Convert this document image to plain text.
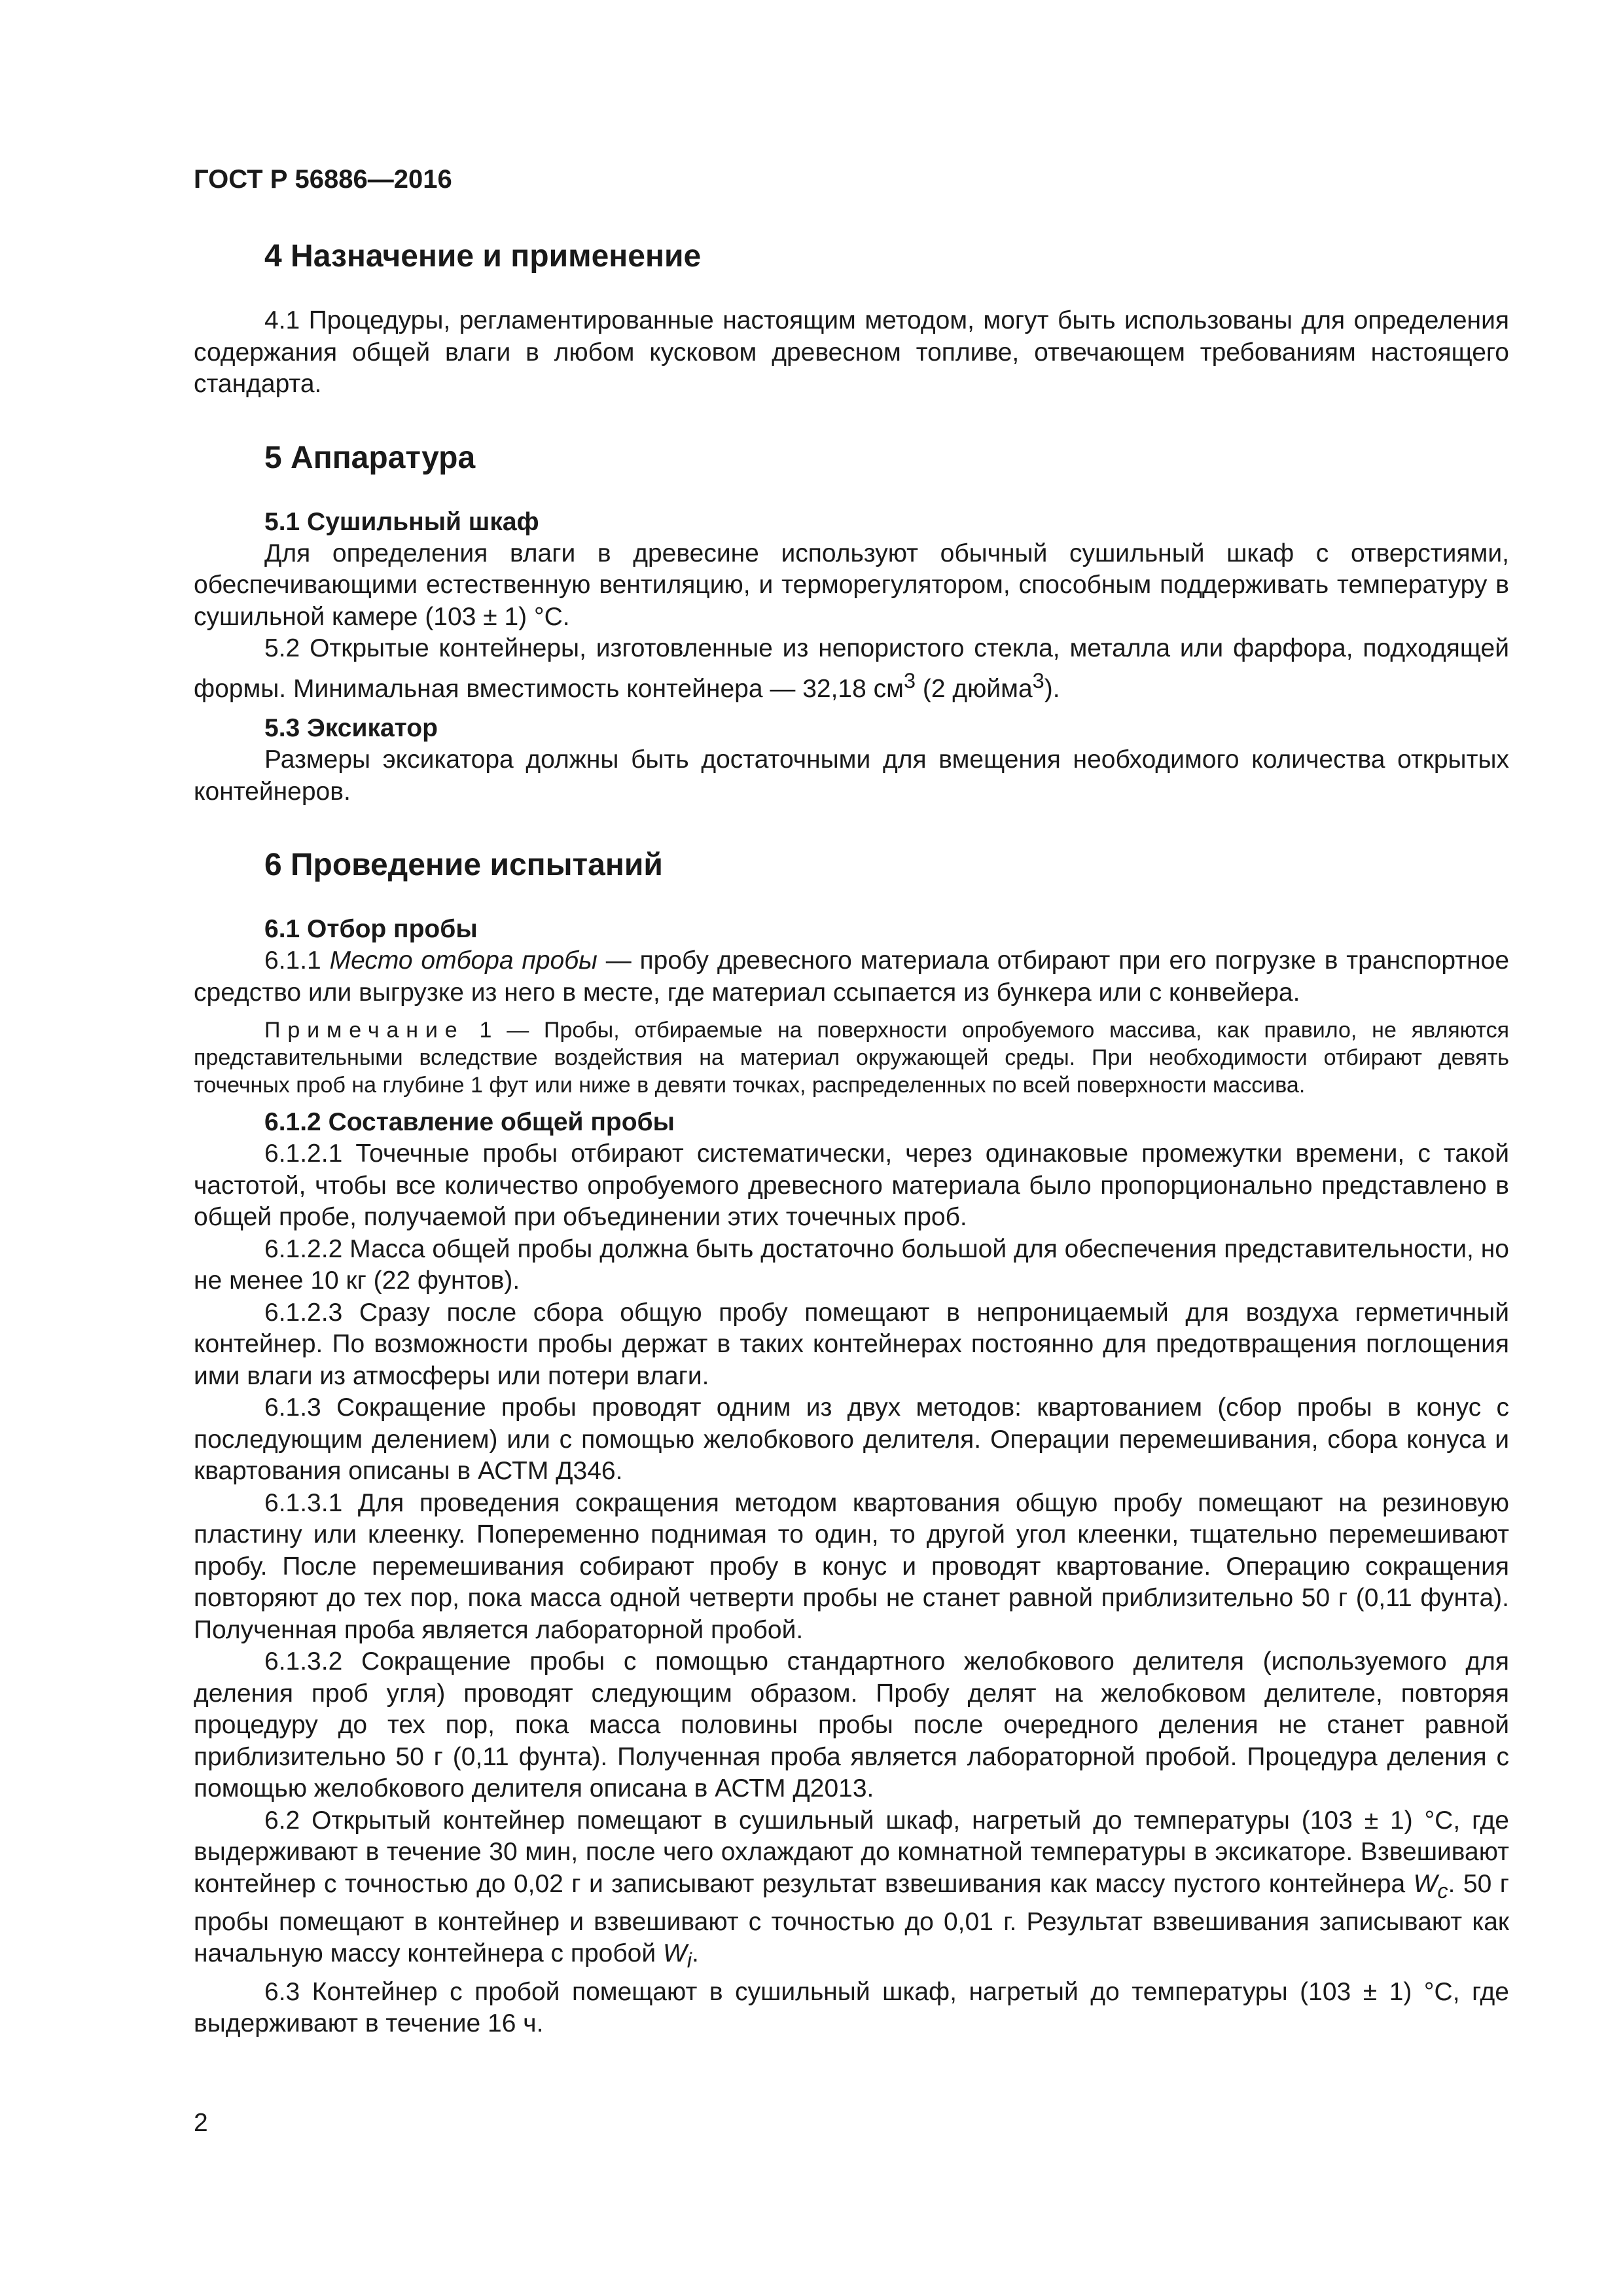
ГОСТ Р 56886—2016
4 Назначение и применение

4.1 Процедуры, регламентированные настоящим методом, могут быть использованы для определения содержания общей влаги в любом кусковом древесном топливе, отвечающем требованиям настоящего стандарта.

5 Аппаратура
5.1 Сушильный шкаф

Для определения влаги в древесине используют обычный сушильный шкаф с отверстиями, обеспечивающими естественную вентиляцию, и терморегулятором, способным поддерживать температуру в сушильной камере (103 ± 1) °С.

5.2 Открытые контейнеры, изготовленные из непористого стекла, металла или фарфора, подходящей формы. Минимальная вместимость контейнера — 32,18 $см^3$ (2 дюйма$^3$).

5.3 Эксикатор

Размеры эксикатора должны быть достаточными для вмещения необходимого количества открытых контейнеров.

6 Проведение испытаний
6.1 Отбор пробы

6.1.1 Место отбора пробы — пробу древесного материала отбирают при его погрузке в транспортное средство или выгрузке из него в месте, где материал ссыпается из бункера или с конвейера.

Примечание 1 — Пробы, отбираемые на поверхности опробуемого массива, как правило, не являются представительными вследствие воздействия на материал окружающей среды. При необходимости отбирают девять точечных проб на глубине 1 фут или ниже в девяти точках, распределенных по всей поверхности массива.

6.1.2 Составление общей пробы

6.1.2.1 Точечные пробы отбирают систематически, через одинаковые промежутки времени, с такой частотой, чтобы все количество опробуемого древесного материала было пропорционально представлено в общей пробе, получаемой при объединении этих точечных проб.

6.1.2.2 Масса общей пробы должна быть достаточно большой для обеспечения представительности, но не менее 10 кг (22 фунтов).

6.1.2.3 Сразу после сбора общую пробу помещают в непроницаемый для воздуха герметичный контейнер. По возможности пробы держат в таких контейнерах постоянно для предотвращения поглощения ими влаги из атмосферы или потери влаги.

6.1.3 Сокращение пробы проводят одним из двух методов: квартованием (сбор пробы в конус с последующим делением) или с помощью желобкового делителя. Операции перемешивания, сбора конуса и квартования описаны в АСТМ Д346.

6.1.3.1 Для проведения сокращения методом квартования общую пробу помещают на резиновую пластину или клеенку. Попеременно поднимая то один, то другой угол клеенки, тщательно перемешивают пробу. После перемешивания собирают пробу в конус и проводят квартование. Операцию сокращения повторяют до тех пор, пока масса одной четверти пробы не станет равной приблизительно 50 г (0,11 фунта). Полученная проба является лабораторной пробой.

6.1.3.2 Сокращение пробы с помощью стандартного желобкового делителя (используемого для деления проб угля) проводят следующим образом. Пробу делят на желобковом делителе, повторяя процедуру до тех пор, пока масса половины пробы после очередного деления не станет равной приблизительно 50 г (0,11 фунта). Полученная проба является лабораторной пробой. Процедура деления с помощью желобкового делителя описана в АСТМ Д2013.

6.2 Открытый контейнер помещают в сушильный шкаф, нагретый до температуры (103 ± 1) °С, где выдерживают в течение 30 мин, после чего охлаждают до комнатной температуры в эксикаторе. Взвешивают контейнер с точностью до 0,02 г и записывают результат взвешивания как массу пустого контейнера $W_c$. 50 г пробы помещают в контейнер и взвешивают с точностью до 0,01 г. Результат взвешивания записывают как начальную массу контейнера с пробой $W_i$.

6.3 Контейнер с пробой помещают в сушильный шкаф, нагретый до температуры (103 ± 1) °С, где выдерживают в течение 16 ч.

2
